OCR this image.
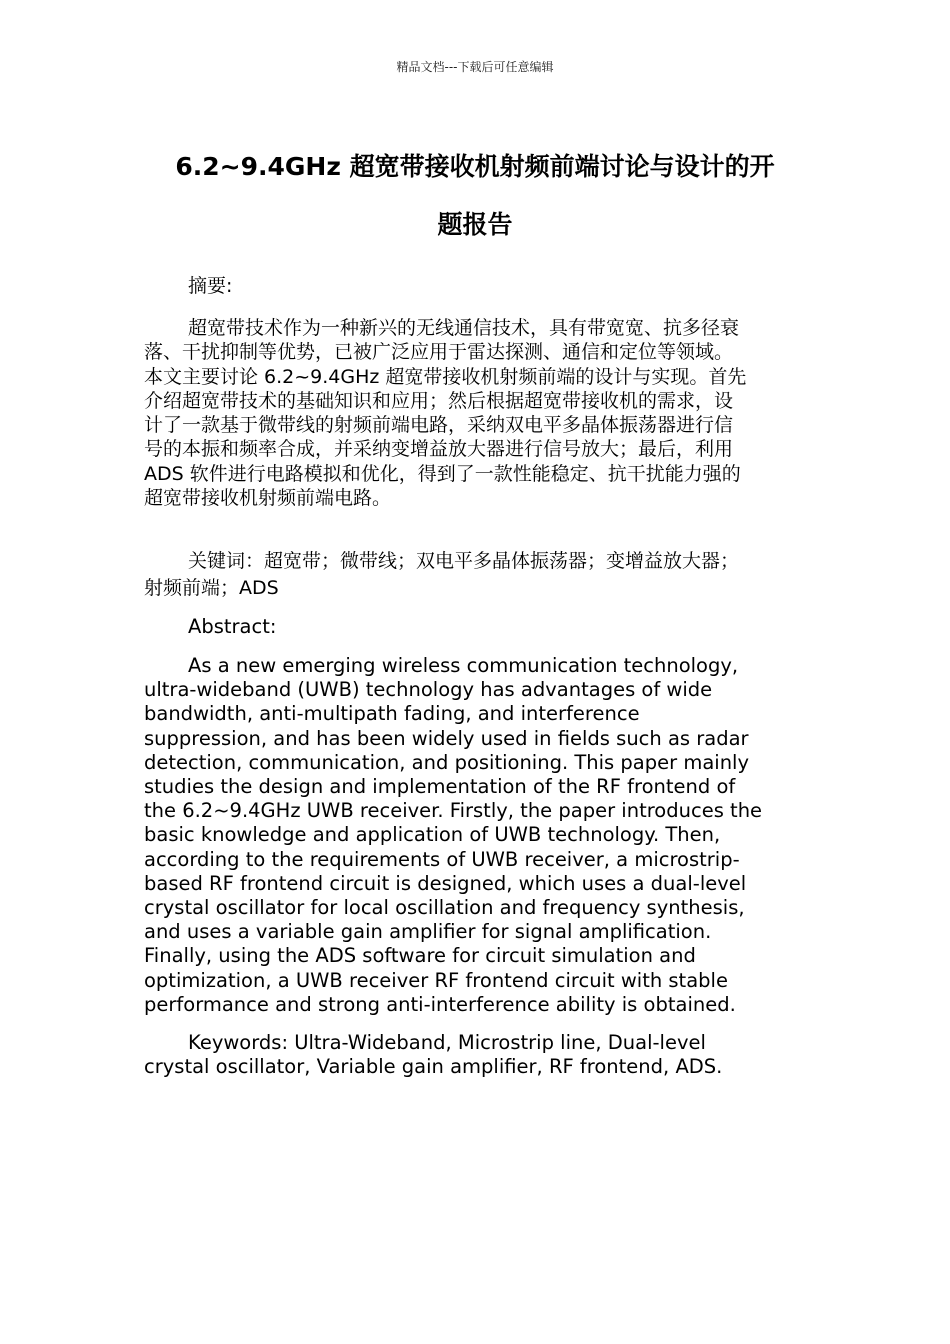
精品文档---下载后可任意编辑
6.2~9.4GHz 超宽带接收机射频前端讨论与设计的开
题报告
摘要:
超宽带技术作为一种新兴的无线通信技术，具有带宽宽、抗多径衰
落、干扰抑制等优势，已被广泛应用于雷达探测、通信和定位等领域。
本文主要讨论 6.2~9.4GHz 超宽带接收机射频前端的设计与实现。首先
介绍超宽带技术的基础知识和应用；然后根据超宽带接收机的需求，设
计了一款基于微带线的射频前端电路，采纳双电平多晶体振荡器进行信
号的本振和频率合成，并采纳变增益放大器进行信号放大；最后，利用
ADS 软件进行电路模拟和优化，得到了一款性能稳定、抗干扰能力强的
超宽带接收机射频前端电路。
关键词：超宽带；微带线；双电平多晶体振荡器；变增益放大器；
射频前端；ADS
Abstract:
As a new emerging wireless communication technology,
ultra-wideband (UWB) technology has advantages of wide
bandwidth, anti-multipath fading, and interference
suppression, and has been widely used in fields such as radar
detection, communication, and positioning. This paper mainly
studies the design and implementation of the RF frontend of
the 6.2~9.4GHz UWB receiver. Firstly, the paper introduces the
basic knowledge and application of UWB technology. Then,
according to the requirements of UWB receiver, a microstrip-
based RF frontend circuit is designed, which uses a dual-level
crystal oscillator for local oscillation and frequency synthesis,
and uses a variable gain amplifier for signal amplification.
Finally, using the ADS software for circuit simulation and
optimization, a UWB receiver RF frontend circuit with stable
performance and strong anti-interference ability is obtained.
Keywords: Ultra-Wideband, Microstrip line, Dual-level
crystal oscillator, Variable gain amplifier, RF frontend, ADS.
